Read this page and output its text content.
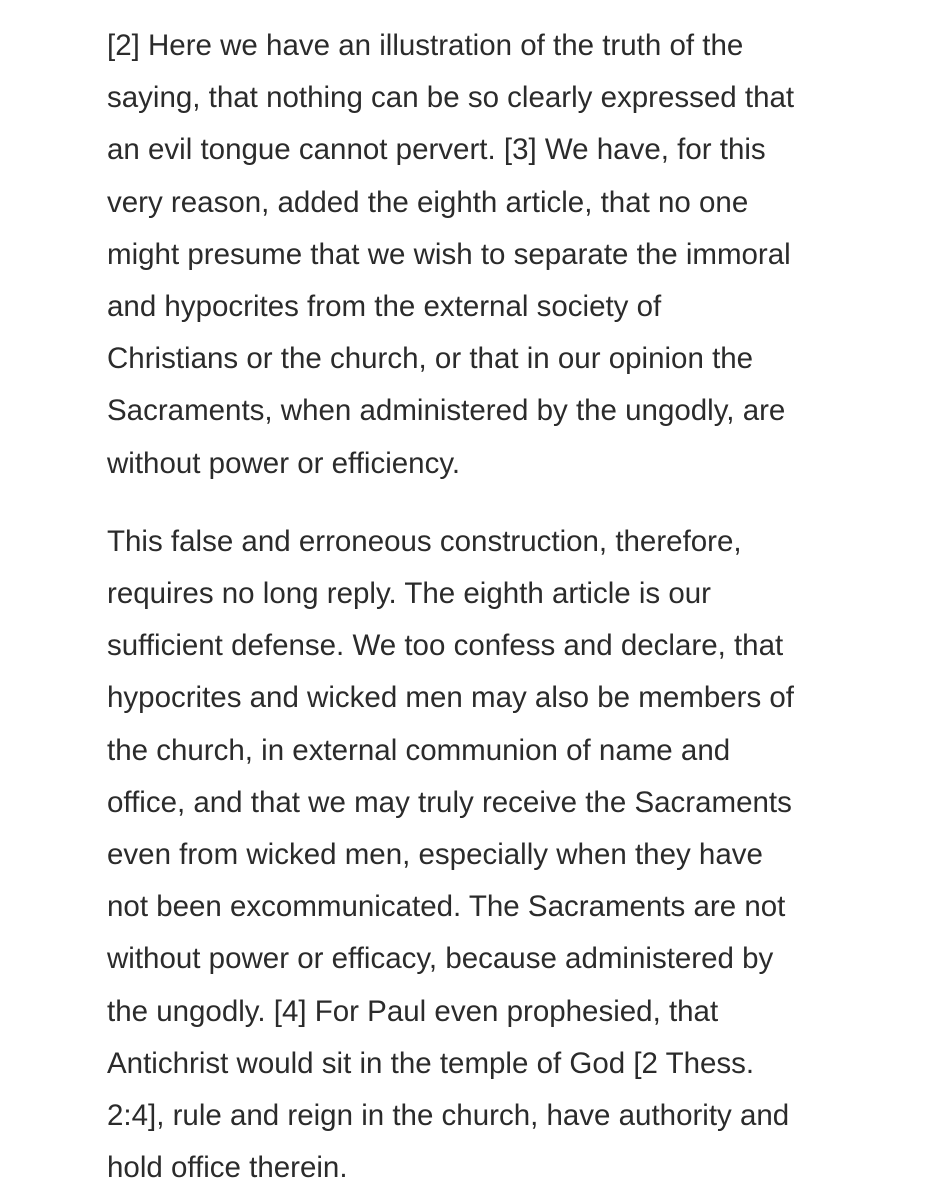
[2] Here we have an illustration of the truth of the
saying, that nothing can be so clearly expressed that
an evil tongue cannot pervert. [3] We have, for this
very reason, added the eighth article, that no one
might presume that we wish to separate the immoral
and hypocrites from the external society of
Christians or the church, or that in our opinion the
Sacraments, when administered by the ungodly, are
without power or efficiency.

This false and erroneous construction, therefore,
requires no long reply. The eighth article is our
sufficient defense. We too confess and declare, that
hypocrites and wicked men may also be members of
the church, in external communion of name and
office, and that we may truly receive the Sacraments
even from wicked men, especially when they have
not been excommunicated. The Sacraments are not
without power or efficacy, because administered by
the ungodly. [4] For Paul even prophesied, that
Antichrist would sit in the temple of God [2 Thess.
2:4], rule and reign in the church, have authority and
hold office therein.
